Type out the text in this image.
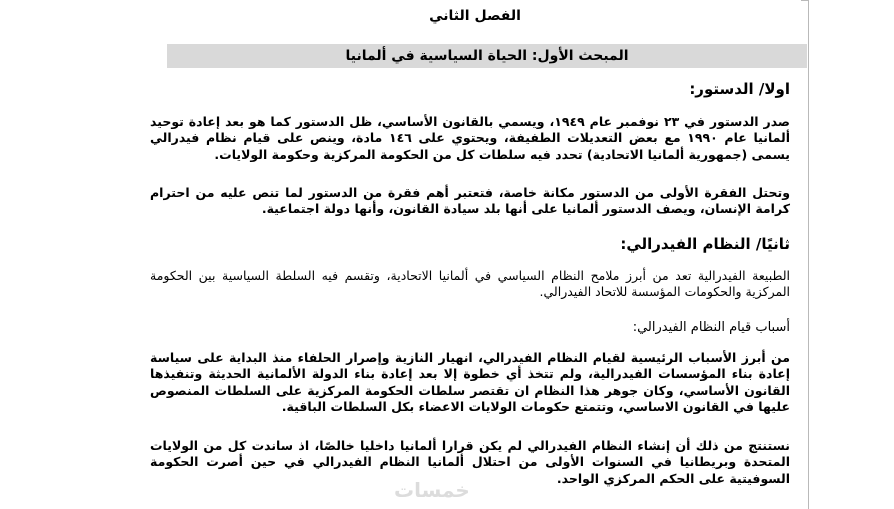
الفصل الثاني
المبحث الأول: الحياة السياسية في ألمانيا
اولا/ الدستور:
صدر الدستور في ٢٣ نوفمبر عام ١٩٤٩، ويسمي بالقانون الأساسي، ظل الدستور كما هو بعد إعادة توحيد ألمانيا عام ١٩٩٠ مع بعض التعديلات الطفيفة، ويحتوي على ١٤٦ مادة، وينص على قيام نظام فيدرالي يسمى (جمهورية ألمانيا الاتحادية) تحدد فيه سلطات كل من الحكومة المركزية وحكومة الولايات.
وتحتل الفقرة الأولى من الدستور مكانة خاصة، فتعتبر أهم فقرة من الدستور لما تنص عليه من احترام كرامة الإنسان، ويصف الدستور ألمانيا على أنها بلد سيادة القانون، وأنها دولة اجتماعية.
ثانيًا/ النظام الفيدرالي:
الطبيعة الفيدرالية تعد من أبرز ملامح النظام السياسي في ألمانيا الاتحادية، وتقسم فيه السلطة السياسية بين الحكومة المركزية والحكومات المؤسسة للاتحاد الفيدرالي.
أسباب قيام النظام الفيدرالي:
من أبرز الأسباب الرئيسية لقيام النظام الفيدرالي، انهيار النازية وإصرار الحلفاء منذ البداية على سياسة إعادة بناء المؤسسات الفيدرالية، ولم تتخذ أي خطوة إلا بعد إعادة بناء الدولة الألمانية الحديثة وتنفيذها القانون الأساسي، وكان جوهر هذا النظام ان تقتصر سلطات الحكومة المركزية على السلطات المنصوص عليها في القانون الاساسي، وتتمتع حكومات الولايات الاعضاء بكل السلطات الباقية.
نستنتج من ذلك أن إنشاء النظام الفيدرالي لم يكن قرارا ألمانيا داخليا خالصًا، اذ ساندت كل من الولايات المتحدة وبريطانيا في السنوات الأولى من احتلال ألمانيا النظام الفيدرالي في حين أصرت الحكومة السوفيتية على الحكم المركزي الواحد.
خمسات
